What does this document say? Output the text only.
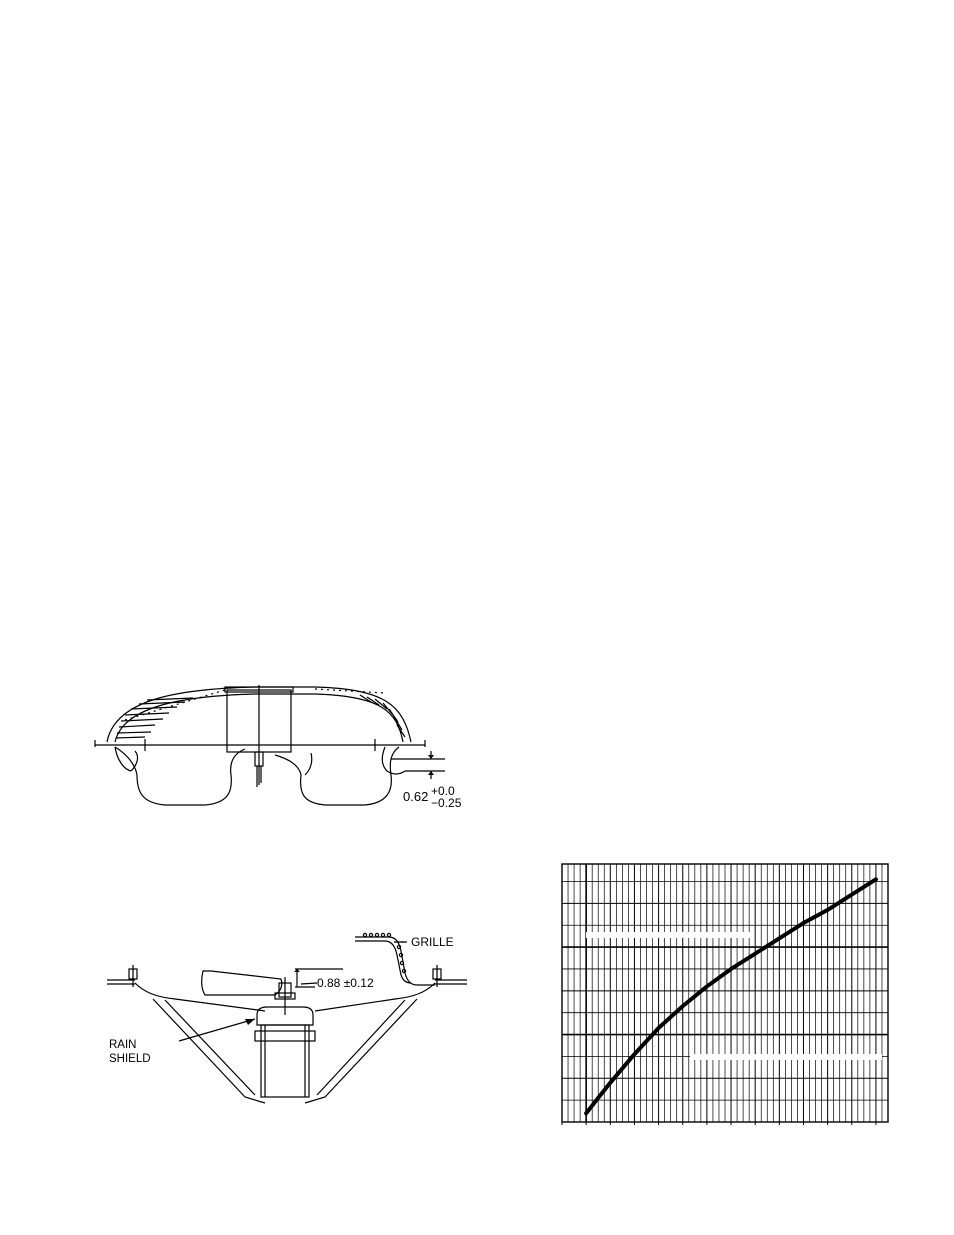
0.62 +0.0
−0.25
0.88 ±0.12
GRILLE
RAIN
SHIELD
